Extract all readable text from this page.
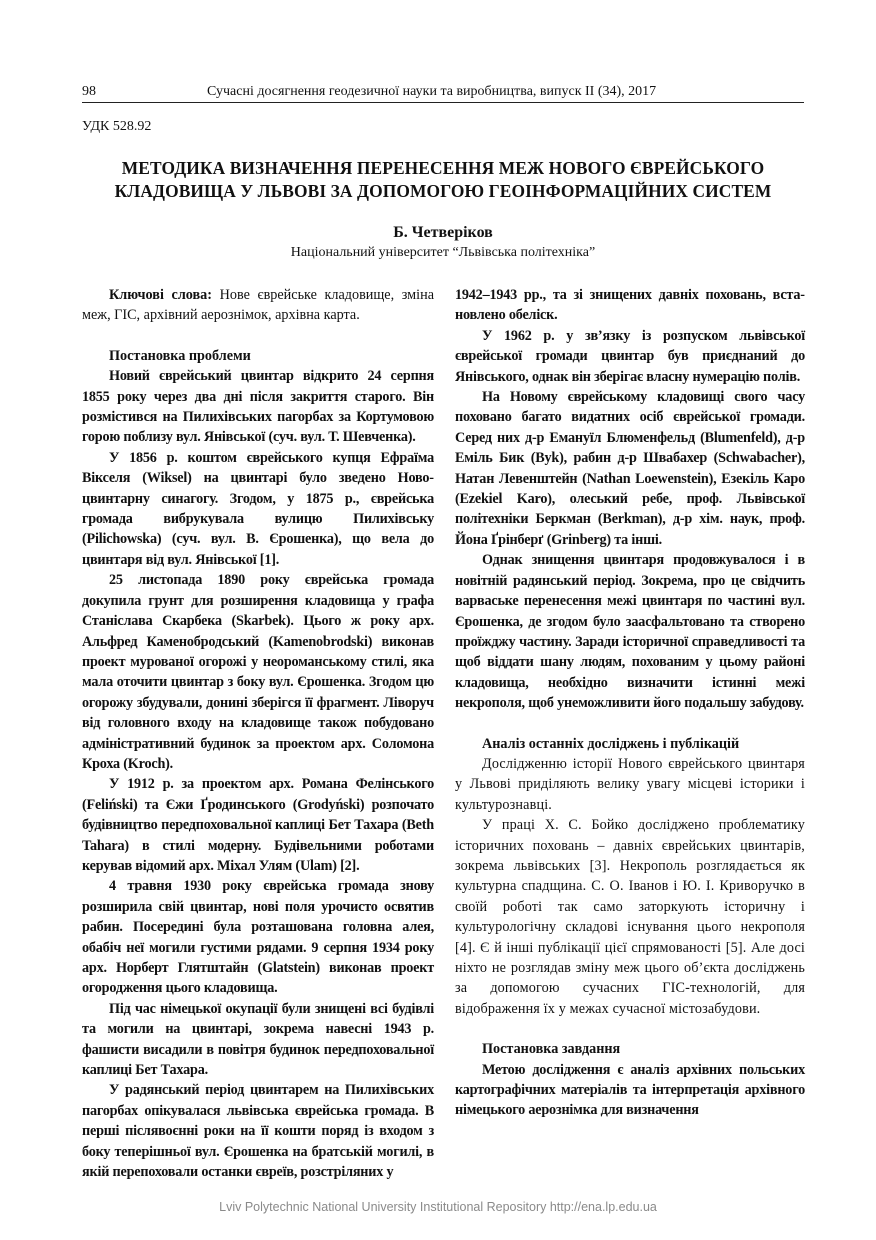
98	Сучасні досягнення геодезичної науки та виробництва, випуск ІІ (34), 2017
УДК 528.92
МЕТОДИКА ВИЗНАЧЕННЯ ПЕРЕНЕСЕННЯ МЕЖ НОВОГО ЄВРЕЙСЬКОГО
КЛАДОВИЩА У ЛЬВОВІ ЗА ДОПОМОГОЮ ГЕОІНФОРМАЦІЙНИХ СИСТЕМ
Б. Четверіков
Національний університет “Львівська політехніка”

Ключові слова: Нове єврейське кладовище, зміна меж, ГІС, архівний аерознімок, архівна карта.

Постановка проблеми

Новий єврейський цвинтар відкрито 24 серпня 1855 року через два дні після закриття старого. Він розмістився на Пилихівських пагорбах за Кортумовою горою поблизу вул. Янівської (суч. вул. Т. Шевченка).

У 1856 р. коштом єврейського купця Ефраїма Вікселя (Wiksel) на цвинтарі було зведено Новоцвинтарну синагогу. Згодом, у 1875 р., єврейська громада вибрукувала вулицю Пилихівську (Pilichowska) (суч. вул. В. Єрошенка), що вела до цвинтаря від вул. Янівської [1].

25 листопада 1890 року єврейська громада докупила грунт для розширення кладовища у графа Станіслава Скарбека (Skarbek). Цього ж року арх. Альфред Каменобродський (Kamenobrodski) виконав проект мурованої огорожі у неороманському стилі, яка мала оточити цвинтар з боку вул. Єрошенка. Згодом цю огорожу збудували, донині зберігся її фрагмент. Ліворуч від головного входу на кладовище також побудовано адміністративний будинок за проектом арх. Соломона Кроха (Kroch).

У 1912 р. за проектом арх. Романа Фелінського (Feliński) та Єжи Ґродинського (Grodyński) розпочато будівництво передпоховальної каплиці Бет Тахара (Beth Tahara) в стилі модерну. Будівельними роботами керував відомий арх. Міхал Улям (Ulam) [2].

4 травня 1930 року єврейська громада знову розширила свій цвинтар, нові поля урочисто освятив рабин. Посередині була розташована головна алея, обабіч неї могили густими рядами. 9 серпня 1934 року арх. Норберт Глятштайн (Glatstein) виконав проект огородження цього кладовища.

Під час німецької окупації були знищені всі будівлі та могили на цвинтарі, зокрема навесні 1943 р. фашисти висадили в повітря будинок передпоховальної каплиці Бет Тахара.

У радянський період цвинтарем на Пилихівських пагорбах опікувалася львівська єврейська громада. В перші післявоєнні роки на її кошти поряд із входом з боку теперішньої вул. Єрошенка на братській могилі, в якій перепоховали останки євреїв, розстріляних у

1942–1943 рр., та зі знищених давніх поховань, встановлено обеліск.

У 1962 р. у зв’язку із розпуском львівської єврейської громади цвинтар був приєднаний до Янівського, однак він зберігає власну нумерацію полів.

На Новому єврейському кладовищі свого часу поховано багато видатних осіб єврейської громади. Серед них д-р Емануїл Блюменфельд (Blumenfeld), д-р Еміль Бик (Byk), рабин д-р Швабахер (Schwabacher), Натан Левенштейн (Nathan Loewenstein), Езекіль Каро (Ezekiel Karo), олеський ребе, проф. Львівської політехніки Беркман (Berkman), д-р хім. наук, проф. Йона Ґрінберґ (Grinberg) та інші.

Однак знищення цвинтаря продовжувалося і в новітній радянський період. Зокрема, про це свідчить варваське перенесення межі цвинтаря по частині вул. Єрошенка, де згодом було заасфальтовано та створено проїжджу частину. Заради історичної справедливості та щоб віддати шану людям, похованим у цьому районі кладовища, необхідно визначити істинні межі некрополя, щоб унеможливити його подальшу забудову.

Аналіз останніх досліджень і публікацій

Дослідженню історії Нового єврейського цвинтаря у Львові приділяють велику увагу місцеві історики і культурознавці.

У праці Х. С. Бойко досліджено проблематику історичних поховань – давніх єврейських цвинтарів, зокрема львівських [3]. Некрополь розглядається як культурна спадщина. С. О. Іванов і Ю. І. Криворучко в своїй роботі так само заторкують історичну і культурологічну складові існування цього некрополя [4]. Є й інші публікації цієї спрямованості [5]. Але досі ніхто не розглядав зміну меж цього об’єкта досліджень за допомогою сучасних ГІС-технологій, для відображення їх у межах сучасної містозабудови.

Постановка завдання

Метою дослідження є аналіз архівних польських картографічних матеріалів та інтерпретація архівного німецького аерознімка для визначення

Lviv Polytechnic National University Institutional Repository http://ena.lp.edu.ua
